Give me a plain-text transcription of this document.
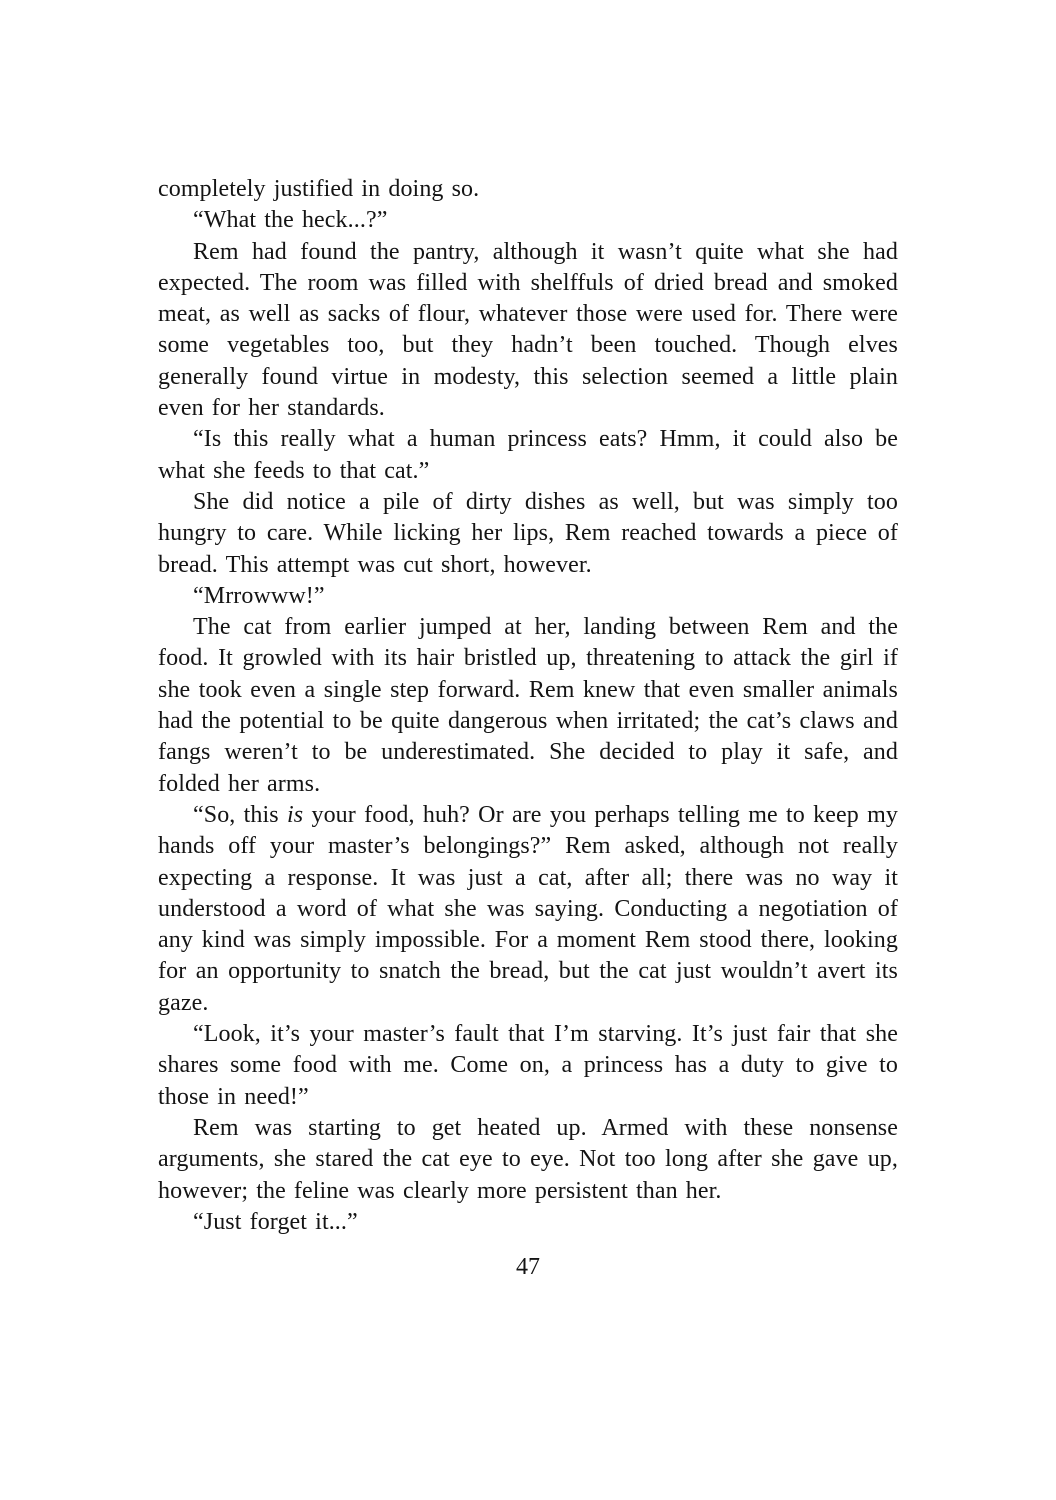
completely justified in doing so.

“What the heck...?”

Rem had found the pantry, although it wasn’t quite what she had expected. The room was filled with shelffuls of dried bread and smoked meat, as well as sacks of flour, whatever those were used for. There were some vegetables too, but they hadn’t been touched. Though elves generally found virtue in modesty, this selection seemed a little plain even for her standards.

“Is this really what a human princess eats? Hmm, it could also be what she feeds to that cat.”

She did notice a pile of dirty dishes as well, but was simply too hungry to care. While licking her lips, Rem reached towards a piece of bread. This attempt was cut short, however.

“Mrrowww!”

The cat from earlier jumped at her, landing between Rem and the food. It growled with its hair bristled up, threatening to attack the girl if she took even a single step forward. Rem knew that even smaller animals had the potential to be quite dangerous when irritated; the cat’s claws and fangs weren’t to be underestimated. She decided to play it safe, and folded her arms.

“So, this is your food, huh? Or are you perhaps telling me to keep my hands off your master’s belongings?” Rem asked, although not really expecting a response. It was just a cat, after all; there was no way it understood a word of what she was saying. Conducting a negotiation of any kind was simply impossible. For a moment Rem stood there, looking for an opportunity to snatch the bread, but the cat just wouldn’t avert its gaze.

“Look, it’s your master’s fault that I’m starving. It’s just fair that she shares some food with me. Come on, a princess has a duty to give to those in need!”

Rem was starting to get heated up. Armed with these nonsense arguments, she stared the cat eye to eye. Not too long after she gave up, however; the feline was clearly more persistent than her.

“Just forget it...”

47
